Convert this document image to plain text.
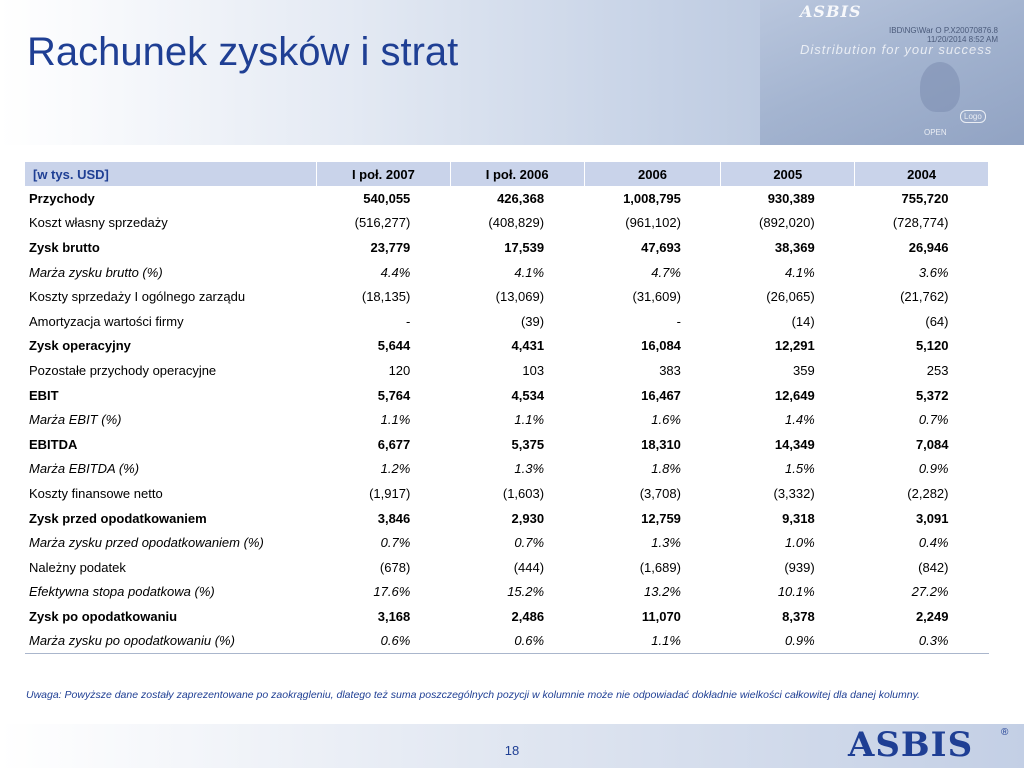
ASBIS
Distribution for your success
Logo
OPEN
IBD\NG\War O P.X20070876.8
11/20/2014 8:52 AM
Rachunek zysków i strat
[w tys. USD]	I poł. 2007	I poł. 2006	2006	2005	2004
Przychody	540,055	426,368	1,008,795	930,389	755,720
Koszt własny sprzedaży	(516,277)	(408,829)	(961,102)	(892,020)	(728,774)
Zysk brutto	23,779	17,539	47,693	38,369	26,946
Marża zysku brutto (%)	4.4%	4.1%	4.7%	4.1%	3.6%
Koszty sprzedaży I ogólnego zarządu	(18,135)	(13,069)	(31,609)	(26,065)	(21,762)
Amortyzacja wartości firmy	-	(39)	-	(14)	(64)
Zysk operacyjny	5,644	4,431	16,084	12,291	5,120
Pozostałe przychody operacyjne	120	103	383	359	253
EBIT	5,764	4,534	16,467	12,649	5,372
Marża EBIT (%)	1.1%	1.1%	1.6%	1.4%	0.7%
EBITDA	6,677	5,375	18,310	14,349	7,084
Marża EBITDA (%)	1.2%	1.3%	1.8%	1.5%	0.9%
Koszty finansowe netto	(1,917)	(1,603)	(3,708)	(3,332)	(2,282)
Zysk przed opodatkowaniem	3,846	2,930	12,759	9,318	3,091
Marża zysku przed opodatkowaniem (%)	0.7%	0.7%	1.3%	1.0%	0.4%
Należny podatek	(678)	(444)	(1,689)	(939)	(842)
Efektywna stopa podatkowa (%)	17.6%	15.2%	13.2%	10.1%	27.2%
Zysk po opodatkowaniu	3,168	2,486	11,070	8,378	2,249
Marża zysku po opodatkowaniu (%)	0.6%	0.6%	1.1%	0.9%	0.3%
Uwaga: Powyższe dane zostały zaprezentowane po zaokrągleniu, dlatego też suma poszczególnych pozycji w kolumnie może nie odpowiadać dokładnie wielkości całkowitej dla danej kolumny.
18	ASBIS	®
